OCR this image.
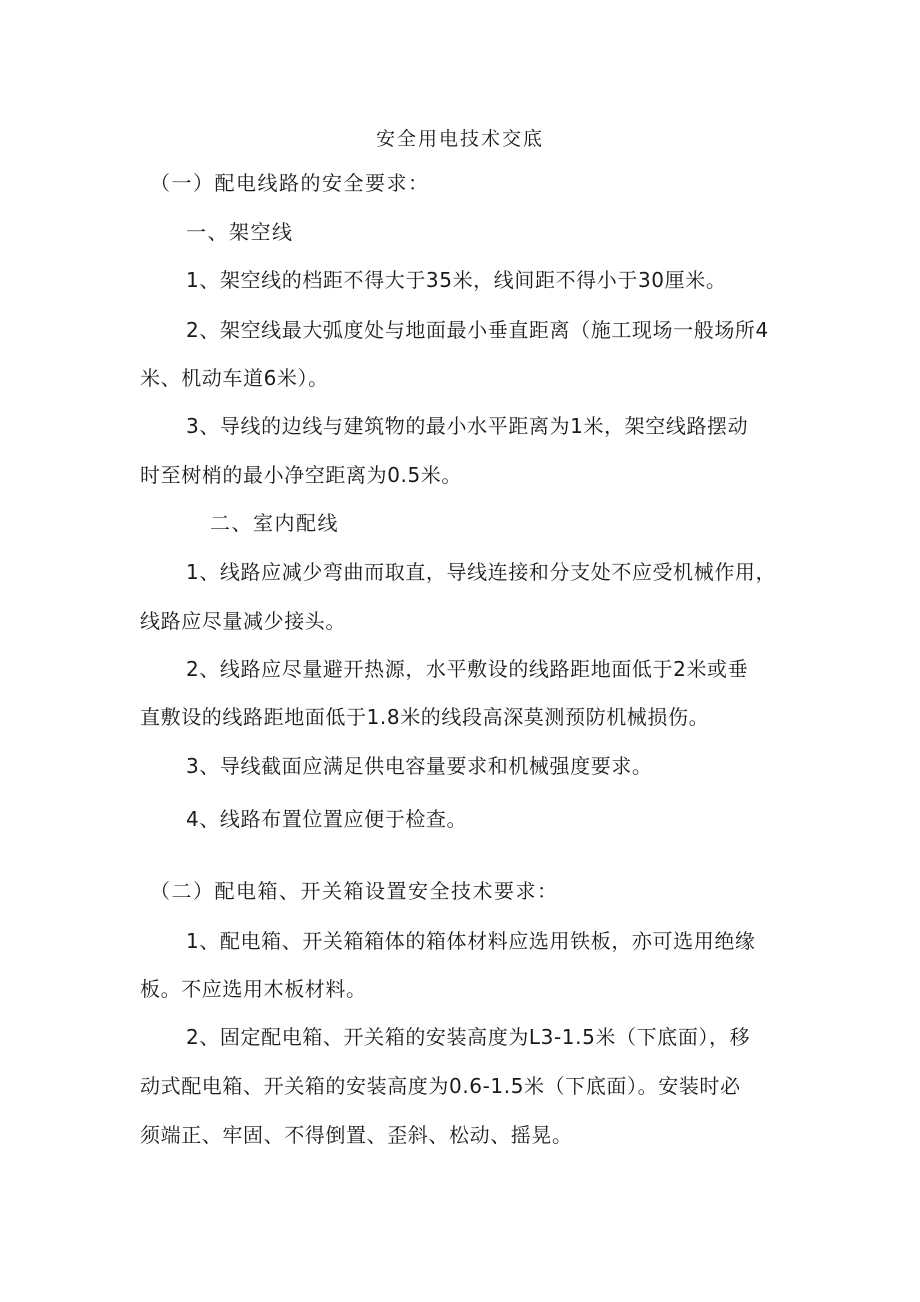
安全用电技术交底
（一）配电线路的安全要求：
一、架空线
1、架空线的档距不得大于35米，线间距不得小于30厘米。
2、架空线最大弧度处与地面最小垂直距离（施工现场一般场所4
米、机动车道6米）。
3、导线的边线与建筑物的最小水平距离为1米，架空线路摆动
时至树梢的最小净空距离为0.5米。
二、室内配线
1、线路应减少弯曲而取直，导线连接和分支处不应受机械作用，
线路应尽量减少接头。
2、线路应尽量避开热源，水平敷设的线路距地面低于2米或垂
直敷设的线路距地面低于1.8米的线段高深莫测预防机械损伤。
3、导线截面应满足供电容量要求和机械强度要求。
4、线路布置位置应便于检查。
（二）配电箱、开关箱设置安全技术要求：
1、配电箱、开关箱箱体的箱体材料应选用铁板，亦可选用绝缘
板。不应选用木板材料。
2、固定配电箱、开关箱的安装高度为L3-1.5米（下底面），移
动式配电箱、开关箱的安装高度为0.6-1.5米（下底面）。安装时必
须端正、牢固、不得倒置、歪斜、松动、摇晃。
